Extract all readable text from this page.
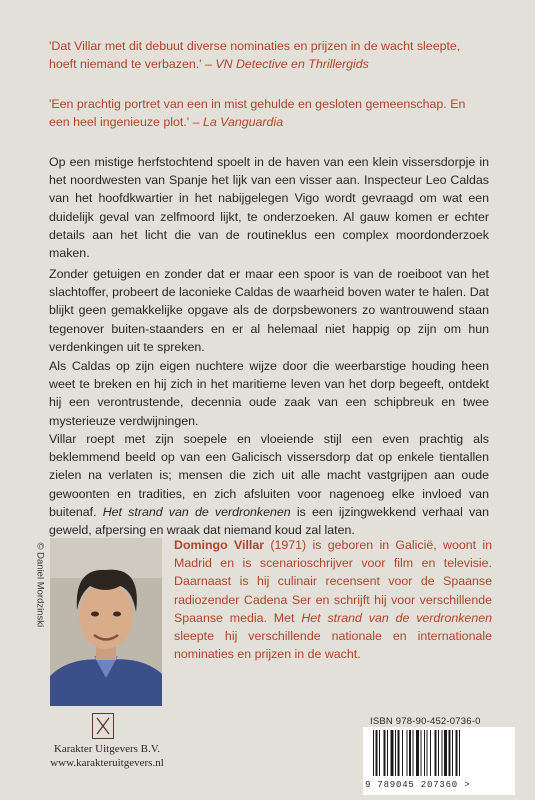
'Dat Villar met dit debuut diverse nominaties en prijzen in de wacht sleepte, hoeft niemand te verbazen.' – VN Detective en Thrillergids
'Een prachtig portret van een in mist gehulde en gesloten gemeenschap. En een heel ingenieuze plot.' – La Vanguardia
Op een mistige herfstochtend spoelt in de haven van een klein vissersdorpje in het noordwesten van Spanje het lijk van een visser aan. Inspecteur Leo Caldas van het hoofdkwartier in het nabijgelegen Vigo wordt gevraagd om wat een duidelijk geval van zelfmoord lijkt, te onderzoeken. Al gauw komen er echter details aan het licht die van de routineklus een complex moordonderzoek maken.
Zonder getuigen en zonder dat er maar een spoor is van de roeiboot van het slachtoffer, probeert de laconieke Caldas de waarheid boven water te halen. Dat blijkt geen gemakkelijke opgave als de dorpsbewoners zo wantrouwend staan tegenover buiten-staanders en er al helemaal niet happig op zijn om hun verdenkingen uit te spreken.
Als Caldas op zijn eigen nuchtere wijze door die weerbarstige houding heen weet te breken en hij zich in het maritieme leven van het dorp begeeft, ontdekt hij een verontrustende, decennia oude zaak van een schipbreuk en twee mysterieuze verdwijningen.
Villar roept met zijn soepele en vloeiende stijl een even prachtig als beklemmend beeld op van een Galicisch vissersdorp dat op enkele tientallen zielen na verlaten is; mensen die zich uit alle macht vastgrijpen aan oude gewoonten en tradities, en zich afsluiten voor nagenoeg elke invloed van buitenaf. Het strand van de verdronkenen is een ijzingwekkend verhaal van geweld, afpersing en wraak dat niemand koud zal laten.
© Daniel Mordzinski	Domingo Villar (1971) is geboren in Galicië, woont in Madrid en is scenarioschrijver voor film en televisie. Daarnaast is hij culinair recensent voor de Spaanse radiozender Cadena Ser en schrijft hij voor verschillende Spaanse media. Met Het strand van de verdronkenen sleepte hij verschillende nationale en internationale nominaties en prijzen in de wacht.
Karakter Uitgevers B.V.
www.karakteruitgevers.nl
ISBN 978-90-452-0736-0
9 789045 207360 >
